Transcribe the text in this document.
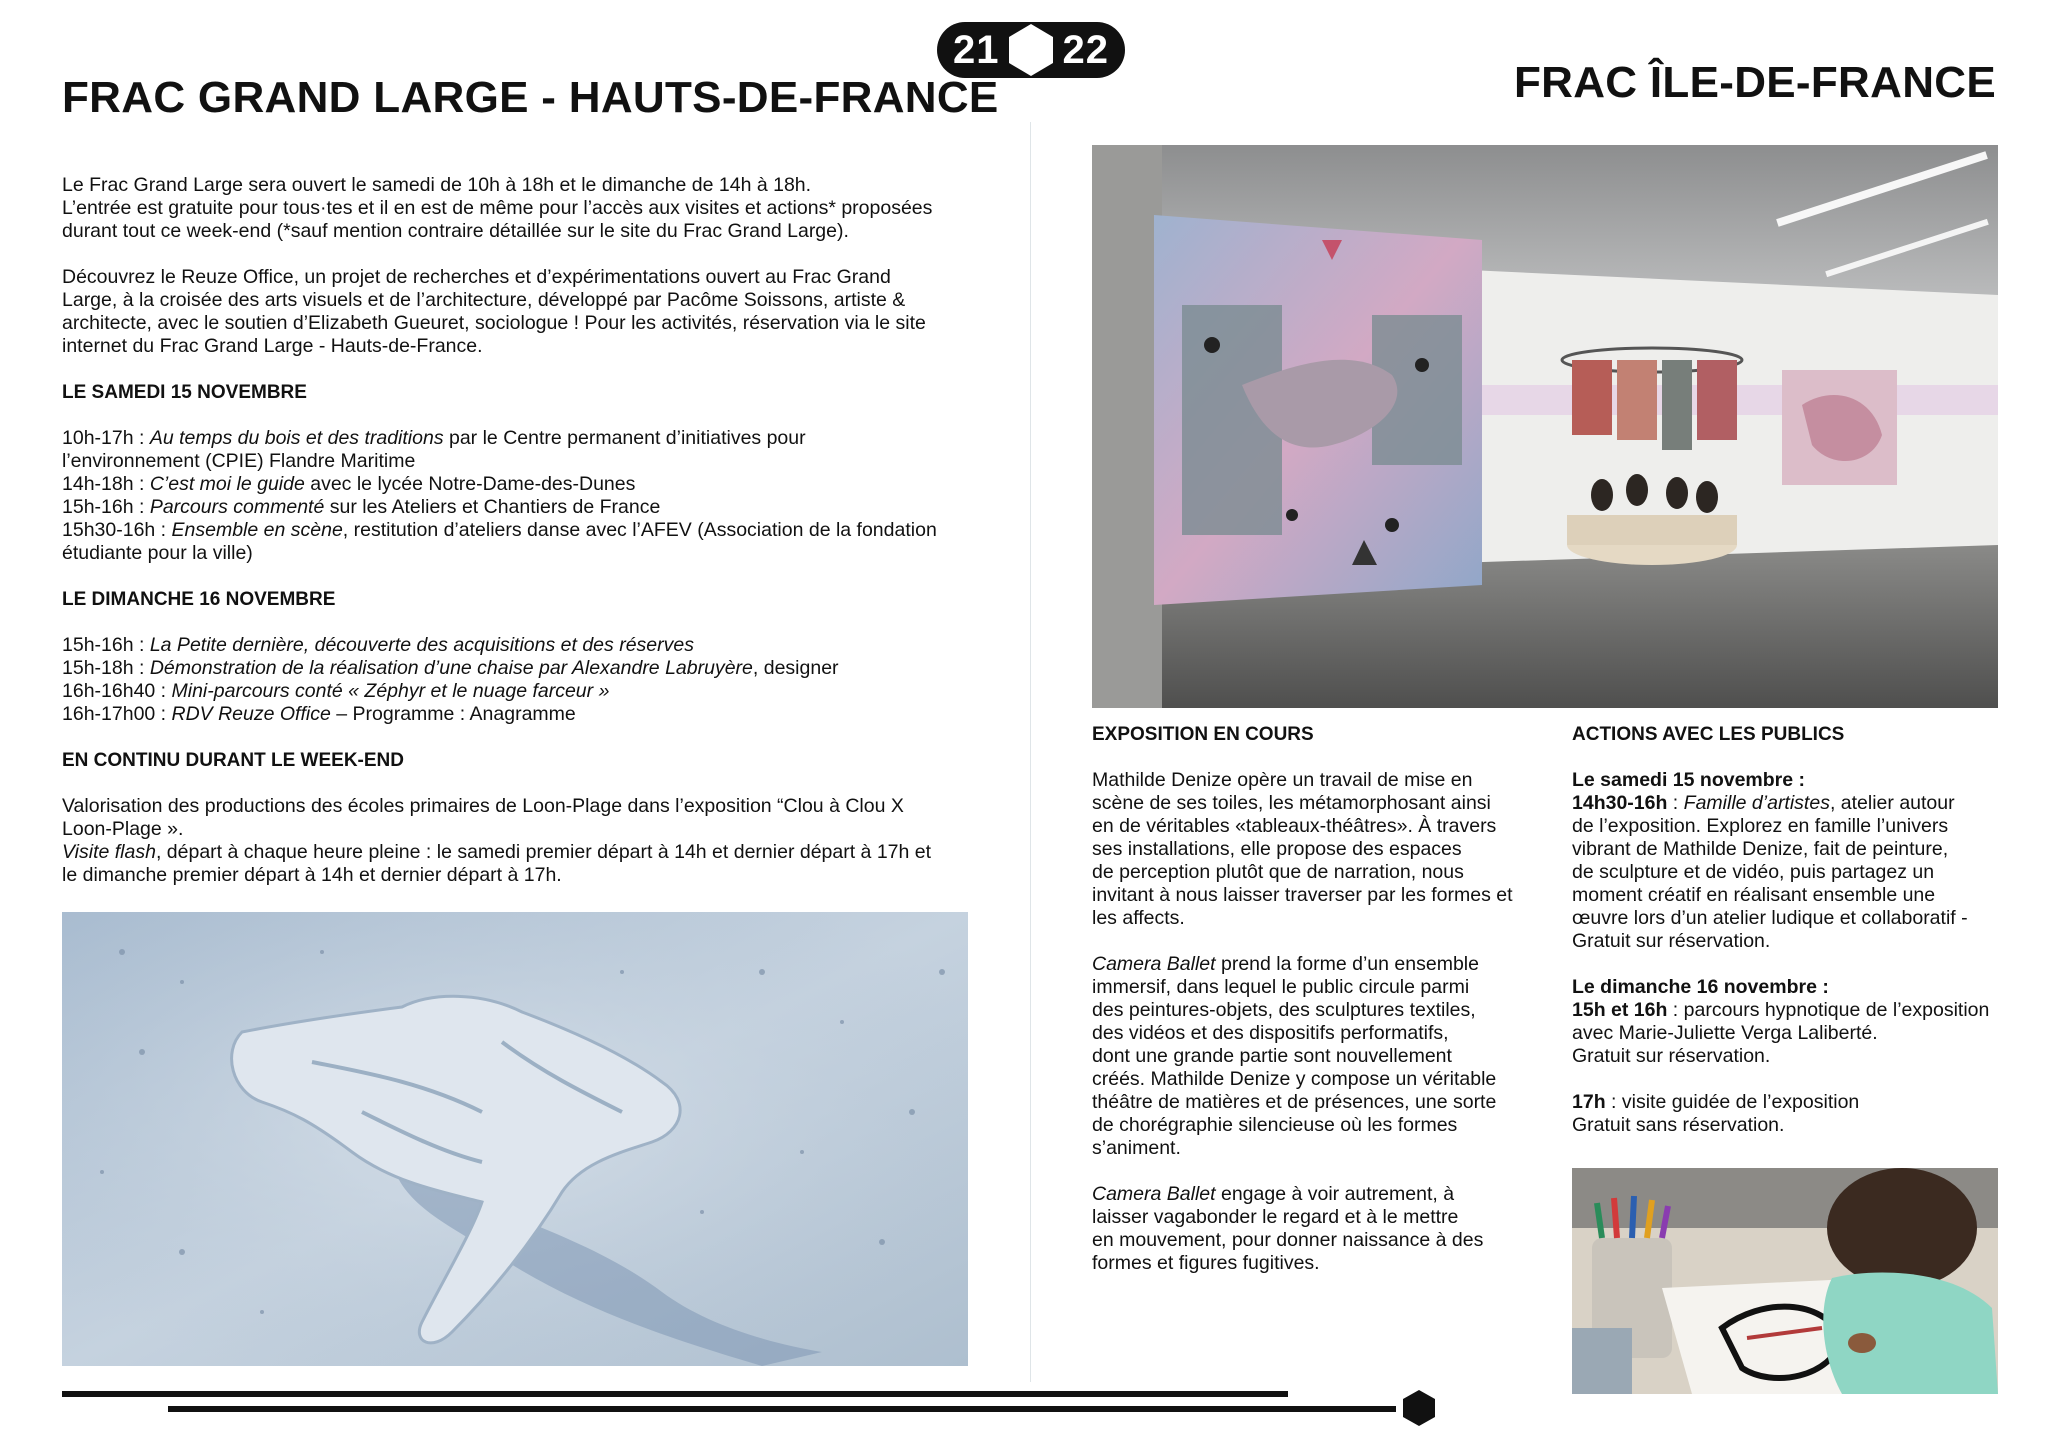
21 22
FRAC GRAND LARGE - HAUTS-DE-FRANCE

Le Frac Grand Large sera ouvert le samedi de 10h à 18h et le dimanche de 14h à 18h.

L’entrée est gratuite pour tous·tes et il en est de même pour l’accès aux visites et actions* proposées

durant tout ce week-end (*sauf mention contraire détaillée sur le site du Frac Grand Large).

Découvrez le Reuze Office, un projet de recherches et d’expérimentations ouvert au Frac Grand

Large, à la croisée des arts visuels et de l’architecture, développé par Pacôme Soissons, artiste &

architecte, avec le soutien d’Elizabeth Gueuret, sociologue ! Pour les activités, réservation via le site

internet du Frac Grand Large - Hauts-de-France.

LE SAMEDI 15 NOVEMBRE

10h-17h : Au temps du bois et des traditions par le Centre permanent d’initiatives pour

l’environnement (CPIE) Flandre Maritime

14h-18h : C’est moi le guide avec le lycée Notre-Dame-des-Dunes

15h-16h : Parcours commenté sur les Ateliers et Chantiers de France

15h30-16h : Ensemble en scène, restitution d’ateliers danse avec l’AFEV (Association de la fondation

étudiante pour la ville)

LE DIMANCHE 16 NOVEMBRE

15h-16h : La Petite dernière, découverte des acquisitions et des réserves

15h-18h : Démonstration de la réalisation d’une chaise par Alexandre Labruyère, designer

16h-16h40 : Mini-parcours conté « Zéphyr et le nuage farceur »

16h-17h00 : RDV Reuze Office – Programme : Anagramme

EN CONTINU DURANT LE WEEK-END

Valorisation des productions des écoles primaires de Loon-Plage dans l’exposition “Clou à Clou X

Loon-Plage ».

Visite flash, départ à chaque heure pleine : le samedi premier départ à 14h et dernier départ à 17h et

le dimanche premier départ à 14h et dernier départ à 17h.

FRAC ÎLE-DE-FRANCE

EXPOSITION EN COURS

Mathilde Denize opère un travail de mise en

scène de ses toiles, les métamorphosant ainsi

en de véritables «tableaux-théâtres». À travers

ses installations, elle propose des espaces

de perception plutôt que de narration, nous

invitant à nous laisser traverser par les formes et

les affects.

Camera Ballet prend la forme d’un ensemble

immersif, dans lequel le public circule parmi

des peintures-objets, des sculptures textiles,

des vidéos et des dispositifs performatifs,

dont une grande partie sont nouvellement

créés. Mathilde Denize y compose un véritable

théâtre de matières et de présences, une sorte

de chorégraphie silencieuse où les formes

s’animent.

Camera Ballet engage à voir autrement, à

laisser vagabonder le regard et à le mettre

en mouvement, pour donner naissance à des

formes et figures fugitives.

ACTIONS AVEC LES PUBLICS

Le samedi 15 novembre :

14h30-16h : Famille d’artistes, atelier autour

de l’exposition. Explorez en famille l’univers

vibrant de Mathilde Denize, fait de peinture,

de sculpture et de vidéo, puis partagez un

moment créatif en réalisant ensemble une

œuvre lors d’un atelier ludique et collaboratif -

Gratuit sur réservation.

Le dimanche 16 novembre :

15h et 16h : parcours hypnotique de l’exposition

avec Marie-Juliette Verga Laliberté.

Gratuit sur réservation.

17h : visite guidée de l’exposition

Gratuit sans réservation.
